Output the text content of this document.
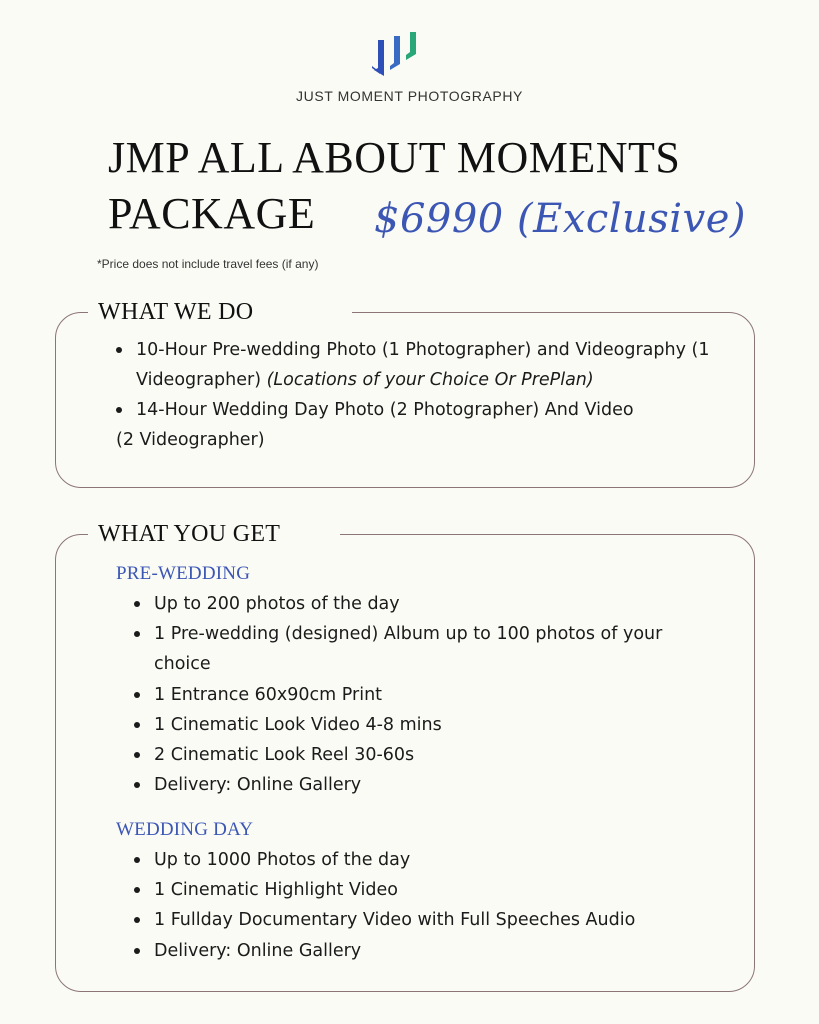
JUST MOMENT PHOTOGRAPHY
JMP ALL ABOUT MOMENTS
PACKAGE	$6990 (Exclusive)
*Price does not include travel fees (if any)
WHAT WE DO
10-Hour Pre-wedding Photo (1 Photographer) and Videography (1 Videographer) (Locations of your Choice Or PrePlan)
14-Hour Wedding Day Photo (2 Photographer) And Video
(2 Videographer)
WHAT YOU GET
PRE-WEDDING
Up to 200 photos of the day
1 Pre-wedding (designed) Album up to 100 photos of your choice
1 Entrance 60x90cm Print
1 Cinematic Look Video 4-8 mins
2 Cinematic Look Reel 30-60s
Delivery: Online Gallery
WEDDING DAY
Up to 1000 Photos of the day
1 Cinematic Highlight Video
1 Fullday Documentary Video with Full Speeches Audio
Delivery: Online Gallery
